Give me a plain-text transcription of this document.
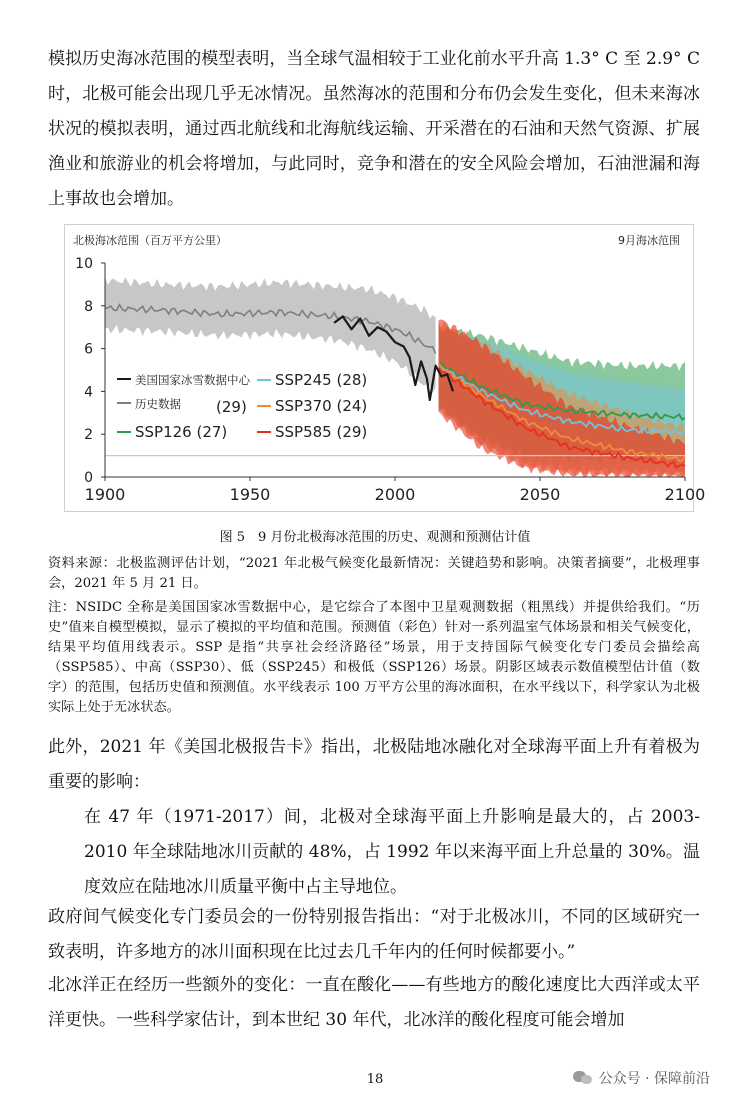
模拟历史海冰范围的模型表明，当全球气温相较于工业化前水平升高 1.3° C 至 2.9° C 时，北极可能会出现几乎无冰情况。虽然海冰的范围和分布仍会发生变化，但未来海冰状况的模拟表明，通过西北航线和北海航线运输、开采潜在的石油和天然气资源、扩展渔业和旅游业的机会将增加，与此同时，竞争和潜在的安全风险会增加，石油泄漏和海上事故也会增加。

0
2
4
6
8
10
1900	1950	2000	2050	2100
美国国家冰雪数据中心
历史数据 (29)
SSP126 (27)
SSP245 (28)
SSP370 (24)
SSP585 (29)
北极海冰范围（百万平方公里）	9月海冰范围
图 5　9 月份北极海冰范围的历史、观测和预测估计值

资料来源：北极监测评估计划，“2021 年北极气候变化最新情况：关键趋势和影响。决策者摘要”，北极理事会，2021 年 5 月 21 日。

注：NSIDC 全称是美国国家冰雪数据中心，是它综合了本图中卫星观测数据（粗黑线）并提供给我们。“历史”值来自模型模拟，显示了模拟的平均值和范围。预测值（彩色）针对一系列温室气体场景和相关气候变化，结果平均值用线表示。SSP 是指“共享社会经济路径”场景，用于支持国际气候变化专门委员会描绘高（SSP585）、中高（SSP30）、低（SSP245）和极低（SSP126）场景。阴影区域表示数值模型估计值（数字）的范围，包括历史值和预测值。水平线表示 100 万平方公里的海冰面积，在水平线以下，科学家认为北极实际上处于无冰状态。

此外，2021 年《美国北极报告卡》指出，北极陆地冰融化对全球海平面上升有着极为重要的影响：

在 47 年（1971-2017）间，北极对全球海平面上升影响是最大的，占 2003-2010 年全球陆地冰川贡献的 48%，占 1992 年以来海平面上升总量的 30%。温度效应在陆地冰川质量平衡中占主导地位。

政府间气候变化专门委员会的一份特别报告指出：“对于北极冰川，不同的区域研究一致表明，许多地方的冰川面积现在比过去几千年内的任何时候都要小。”

北冰洋正在经历一些额外的变化：一直在酸化——有些地方的酸化速度比大西洋或太平洋更快。一些科学家估计，到本世纪 30 年代，北冰洋的酸化程度可能会增加

18	公众号 · 保障前沿
